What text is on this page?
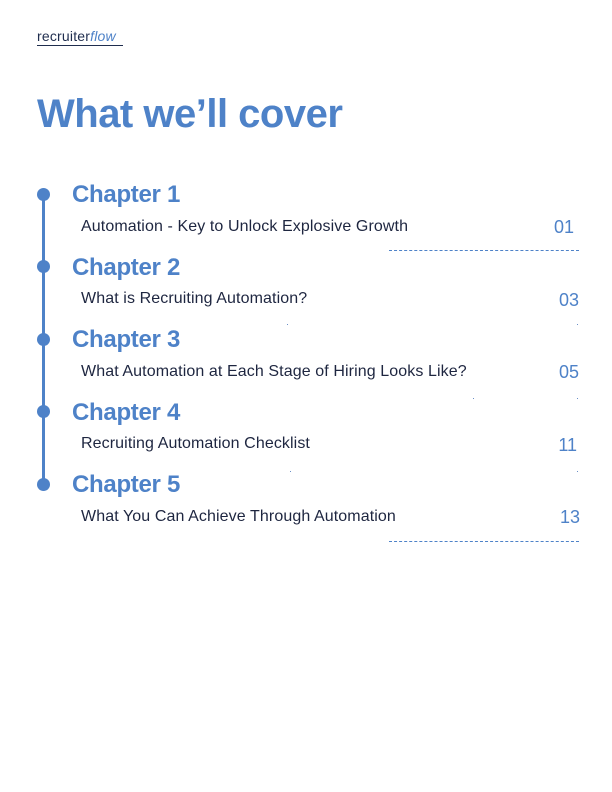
recruiterflow
What we’ll cover
Chapter 1
Automation - Key to Unlock Explosive Growth	01
Chapter 2
What is Recruiting Automation?	03
Chapter 3
What Automation at Each Stage of Hiring Looks Like?	05
Chapter 4
Recruiting Automation Checklist	11
Chapter 5
What You Can Achieve Through Automation	13
